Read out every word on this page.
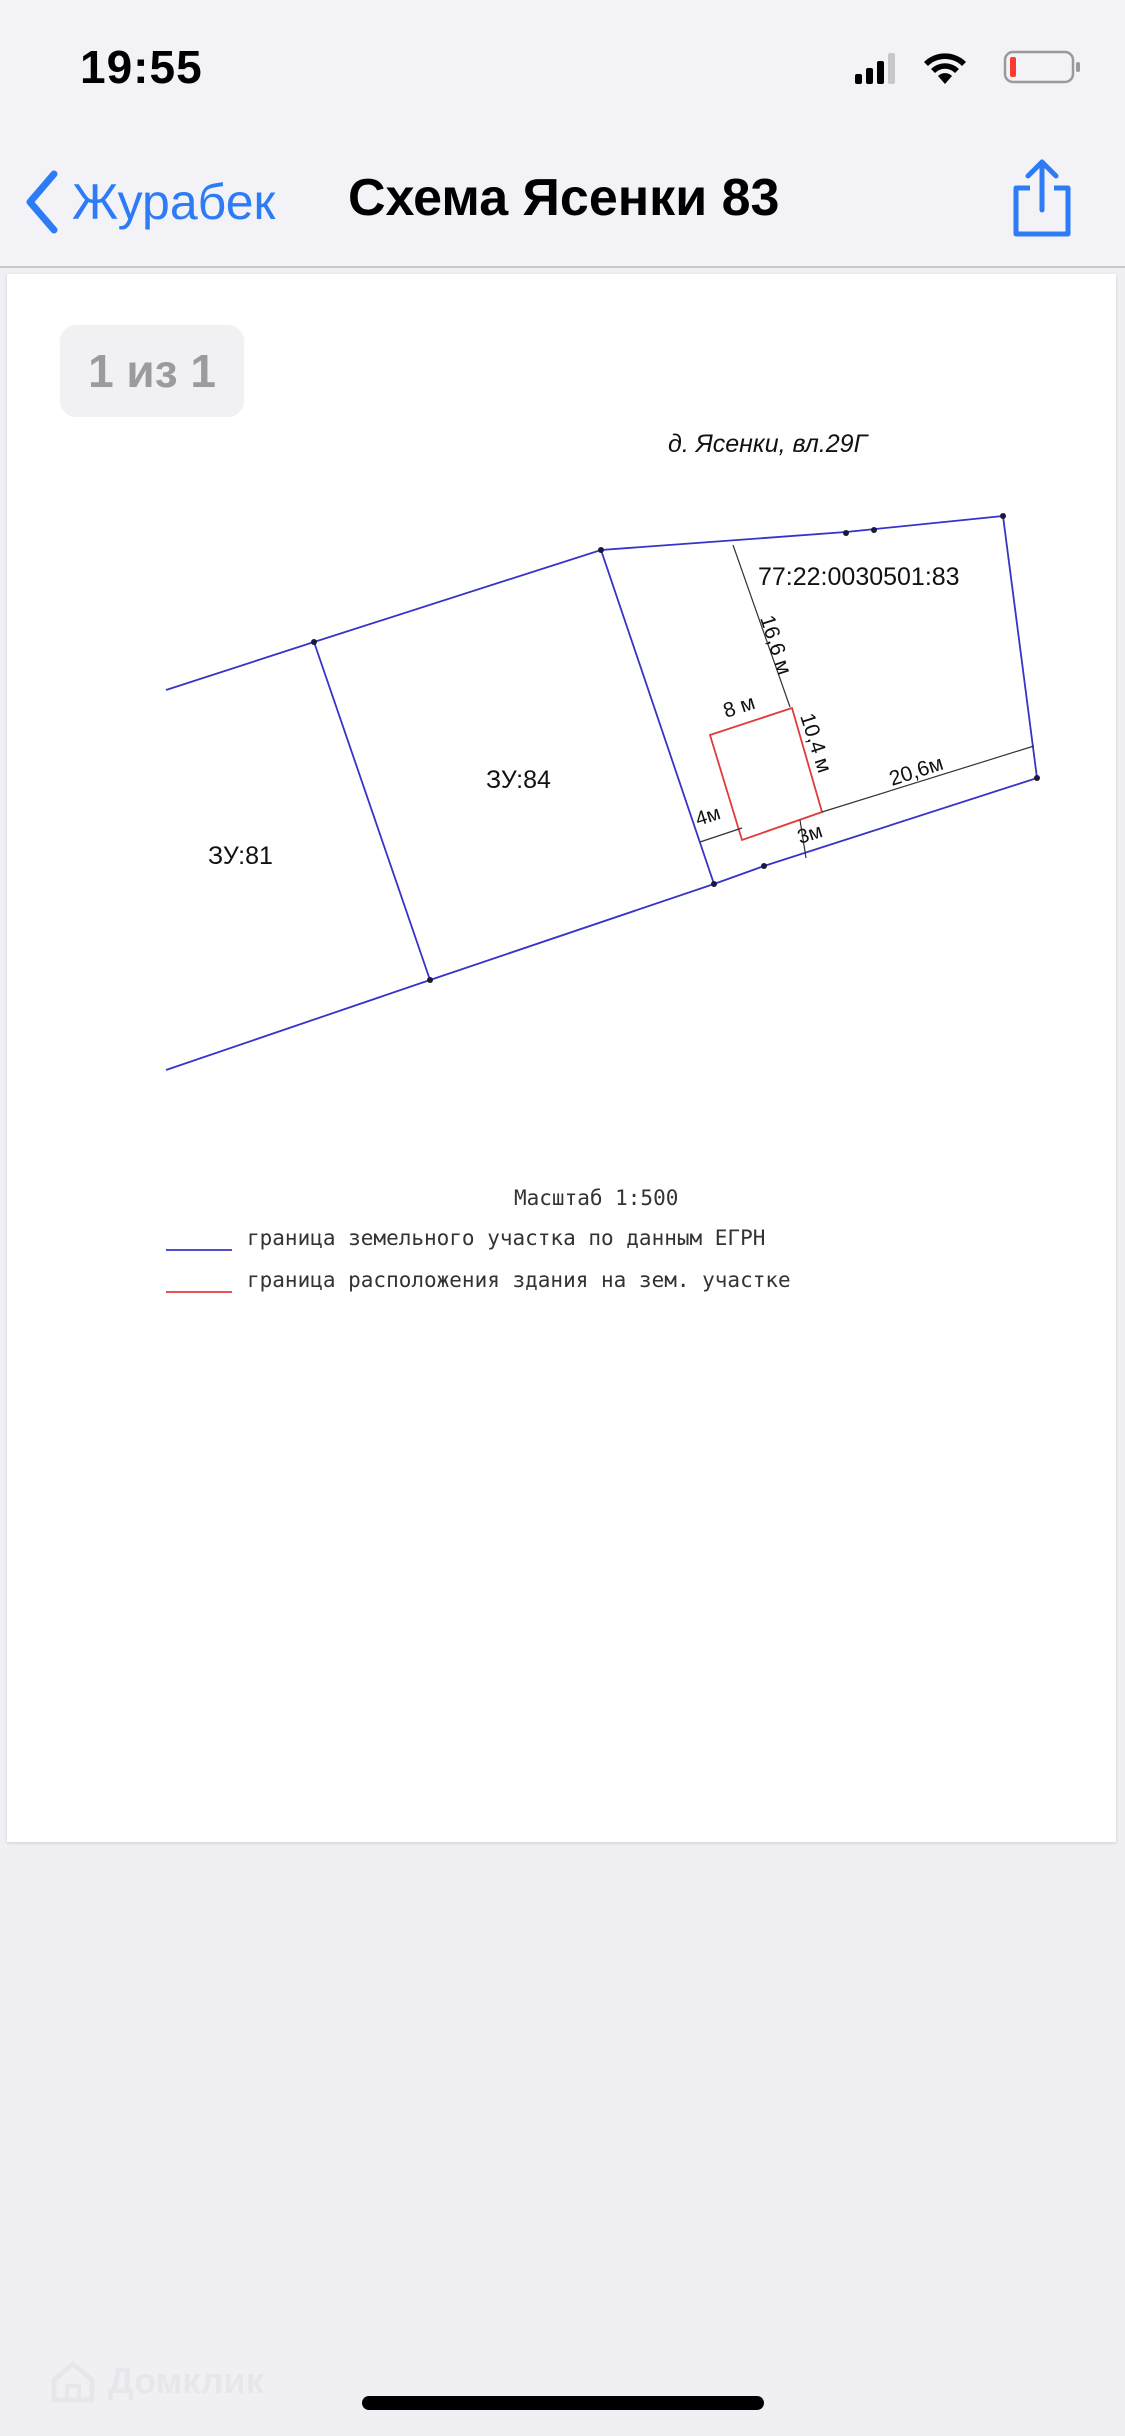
19:55
Журабек Схема Ясенки 83
1 из 1
д. Ясенки, вл.29Г
77:22:0030501:83
ЗУ:84
ЗУ:81
16,6 м
8 м
10,4 м 20,6м
4м
3м
Масштаб 1:500
граница земельного участка по данным ЕГРН
граница расположения здания на зем. участке
Домклик
